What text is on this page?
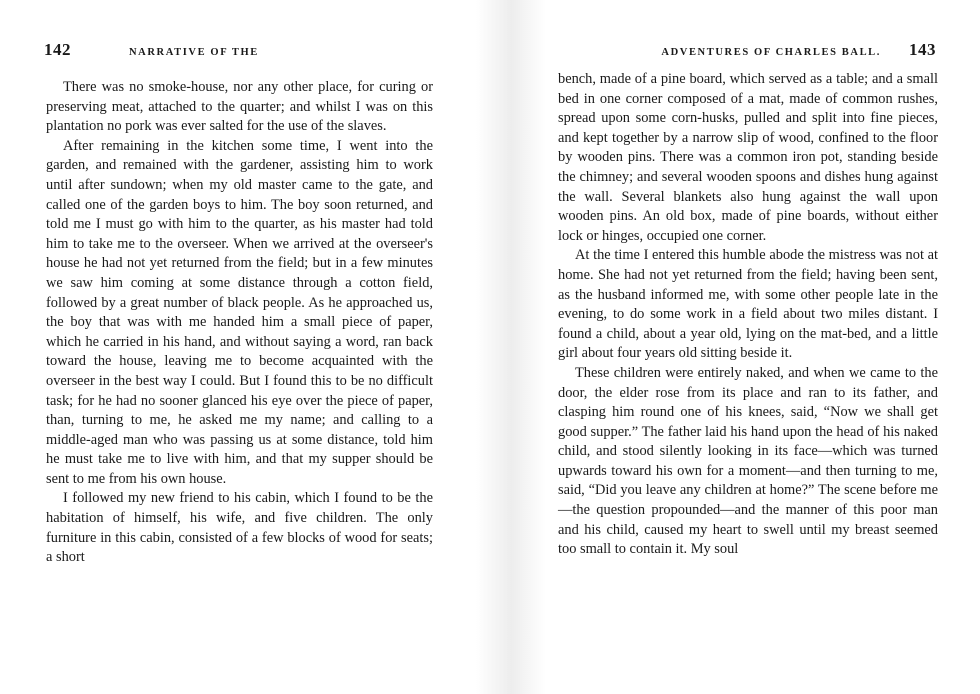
142	NARRATIVE OF THE

There was no smoke-house, nor any other place, for curing or preserving meat, attached to the quarter; and whilst I was on this plantation no pork was ever salted for the use of the slaves.

After remaining in the kitchen some time, I went into the garden, and remained with the gardener, assisting him to work until after sundown; when my old master came to the gate, and called one of the garden boys to him. The boy soon returned, and told me I must go with him to the quarter, as his master had told him to take me to the overseer. When we arrived at the overseer's house he had not yet returned from the field; but in a few minutes we saw him coming at some distance through a cotton field, followed by a great number of black people. As he approached us, the boy that was with me handed him a small piece of paper, which he carried in his hand, and without saying a word, ran back toward the house, leaving me to become acquainted with the overseer in the best way I could. But I found this to be no difficult task; for he had no sooner glanced his eye over the piece of paper, than, turning to me, he asked me my name; and calling to a middle-aged man who was passing us at some distance, told him he must take me to live with him, and that my supper should be sent to me from his own house.

I followed my new friend to his cabin, which I found to be the habitation of himself, his wife, and five children. The only furniture in this cabin, consisted of a few blocks of wood for seats; a short

ADVENTURES OF CHARLES BALL. 143

bench, made of a pine board, which served as a table; and a small bed in one corner composed of a mat, made of common rushes, spread upon some corn-husks, pulled and split into fine pieces, and kept together by a narrow slip of wood, confined to the floor by wooden pins. There was a common iron pot, standing beside the chimney; and several wooden spoons and dishes hung against the wall. Several blankets also hung against the wall upon wooden pins. An old box, made of pine boards, without either lock or hinges, occupied one corner.

At the time I entered this humble abode the mistress was not at home. She had not yet returned from the field; having been sent, as the husband informed me, with some other people late in the evening, to do some work in a field about two miles distant. I found a child, about a year old, lying on the mat-bed, and a little girl about four years old sitting beside it.

These children were entirely naked, and when we came to the door, the elder rose from its place and ran to its father, and clasping him round one of his knees, said, “Now we shall get good supper.” The father laid his hand upon the head of his naked child, and stood silently looking in its face—which was turned upwards toward his own for a moment—and then turning to me, said, “Did you leave any children at home?” The scene before me—the question propounded—and the manner of this poor man and his child, caused my heart to swell until my breast seemed too small to contain it. My soul
